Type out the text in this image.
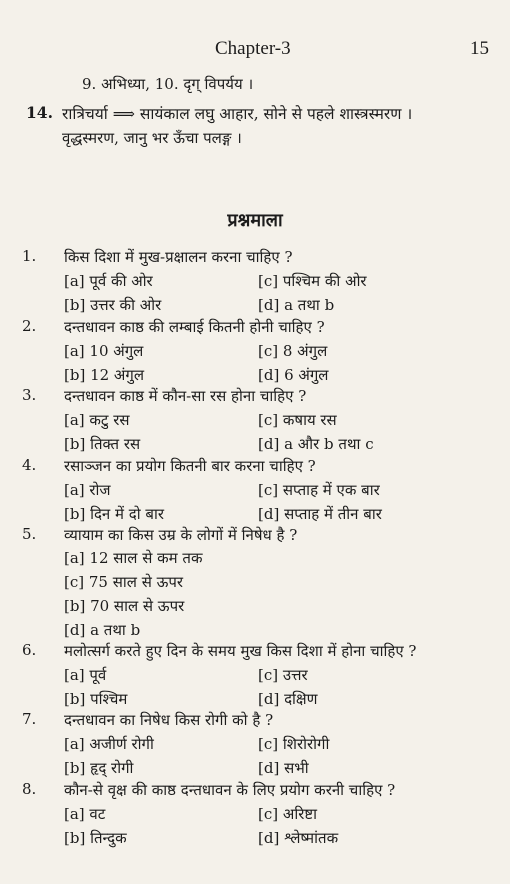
Chapter-3	15
9. अभिध्या, 10. दृग् विपर्यय ।
14. रात्रिचर्या ⟹ सायंकाल लघु आहार, सोने से पहले शास्त्रस्मरण ।
वृद्धस्मरण, जानु भर ऊँचा पलङ्ग ।
प्रश्नमाला
1. किस दिशा में मुख-प्रक्षालन करना चाहिए ?
[a] पूर्व की ओर	[c] पश्चिम की ओर
[b] उत्तर की ओर	[d] a तथा b
2. दन्तधावन काष्ठ की लम्बाई कितनी होनी चाहिए ?
[a] 10 अंगुल	[c] 8 अंगुल
[b] 12 अंगुल	[d] 6 अंगुल
3. दन्तधावन काष्ठ में कौन-सा रस होना चाहिए ?
[a] कटु रस	[c] कषाय रस
[b] तिक्त रस	[d] a और b तथा c
4. रसाञ्जन का प्रयोग कितनी बार करना चाहिए ?
[a] रोज	[c] सप्ताह में एक बार
[b] दिन में दो बार	[d] सप्ताह में तीन बार
5. व्यायाम का किस उम्र के लोगों में निषेध है ?
[a] 12 साल से कम तक
[c] 75 साल से ऊपर
[b] 70 साल से ऊपर
[d] a तथा b
6. मलोत्सर्ग करते हुए दिन के समय मुख किस दिशा में होना चाहिए ?
[a] पूर्व	[c] उत्तर
[b] पश्चिम	[d] दक्षिण
7. दन्तधावन का निषेध किस रोगी को है ?
[a] अजीर्ण रोगी	[c] शिरोरोगी
[b] हृद् रोगी	[d] सभी
8. कौन-से वृक्ष की काष्ठ दन्तधावन के लिए प्रयोग करनी चाहिए ?
[a] वट	[c] अरिष्टा
[b] तिन्दुक	[d] श्लेष्मांतक
